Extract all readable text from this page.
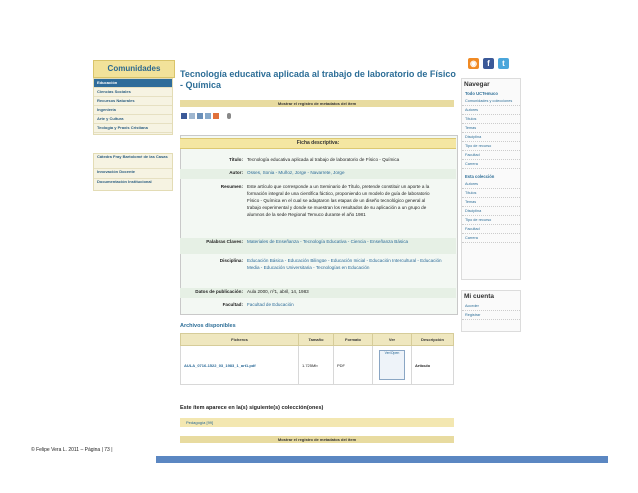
Comunidades
Educación
Ciencias Sociales
Recursos Naturales
Ingeniería
Arte y Cultura
Teología y Praxis Cristiana
Cátedra Fray Bartolomé de las Casas
Innovación Docente
Documentación Institucional
Tecnología educativa aplicada al trabajo de laboratorio de Físico - Química
Mostrar el registro de metadatos del ítem
Ficha descriptiva:
Título: Tecnología educativa aplicada al trabajo de laboratorio de Físico - Química
Autor: Osses, Sonia - Muñoz, Jorge - Navarrete, Jorge
Resumen: Este artículo que corresponde a un Seminario de Título, pretende constituir un aporte a la formación integral de una científica fáctico, proponiendo un modelo de guía de laboratorio Físico - Química en el cual se adaptaron las etapas de un diseño tecnológico general al trabajo experimental y donde se muestran los resultados de su aplicación a un grupo de alumnos de la sede Regional Temuco durante el año 1981
Palabras Claves: Materiales de Enseñanza - Tecnología Educativa - Ciencia - Enseñanza Básica
Disciplina: Educación Básica - Educación Bilingüe - Educación Inicial - Educación Intercultural - Educación Media - Educación Universitaria - Tecnologías en Educación
Datos de publicación: Aula 2000, nº1, abril, 14, 1983
Facultad: Facultad de Educación
Archivos disponibles
Ficheros	Tamaño	Formato	Ver	Descripción
AULA_0716-1522_03_1983_1_art1.pdf	1.725Mb	PDF	Ver/Open	Artículo
Este ítem aparece en la(s) siguiente(s) colección(ones)
Pedagogía [99]
Mostrar el registro de metadatos del ítem
◉	f	t
Navegar
Todo UCTemuco
Comunidades y colecciones
Autores
Títulos
Temas
Disciplina
Tipo de recurso
Facultad
Carrera
Esta colección
Autores
Títulos
Temas
Disciplina
Tipo de recurso
Facultad
Carrera
Mi cuenta
Acceder
Registrar
© Felipe Vera L. 2011 – Página | 73 |
